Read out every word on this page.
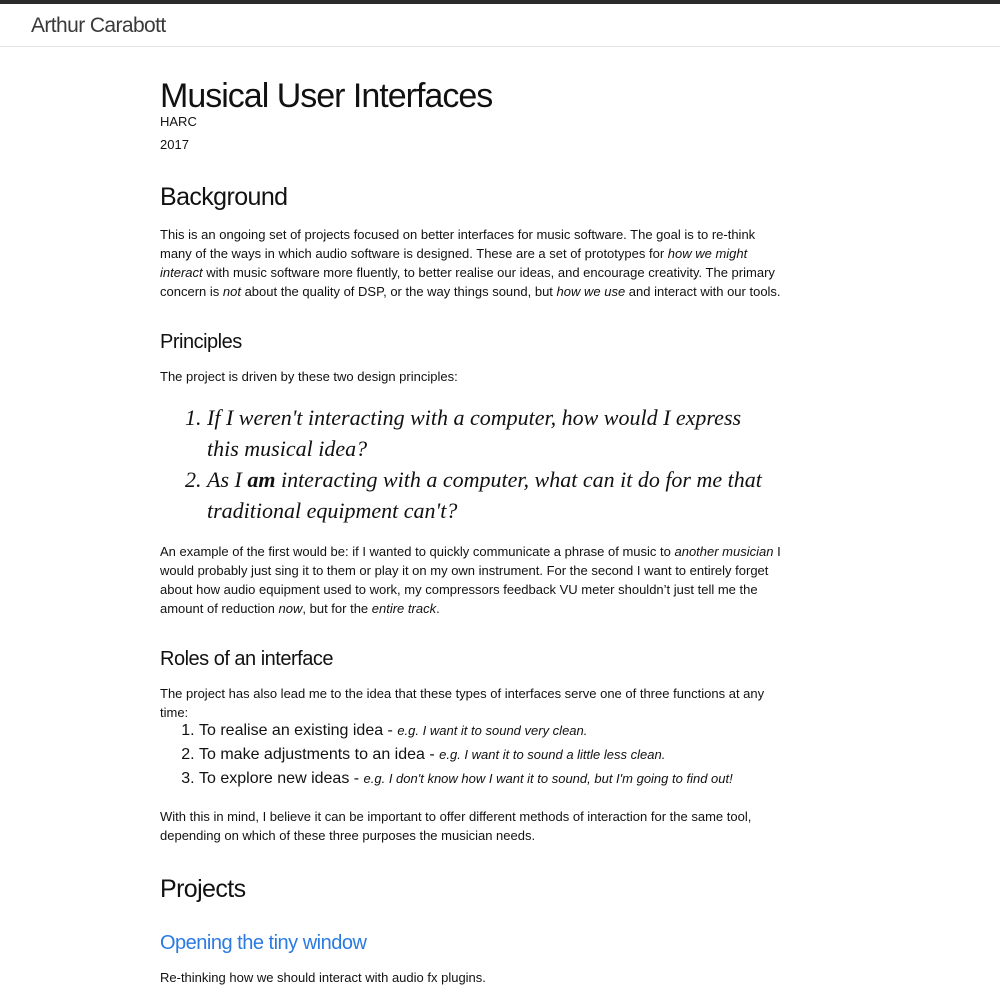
Arthur Carabott
Musical User Interfaces
HARC
2017
Background

This is an ongoing set of projects focused on better interfaces for music software. The goal is to re-think many of the ways in which audio software is designed. These are a set of prototypes for how we might interact with music software more fluently, to better realise our ideas, and encourage creativity. The primary concern is not about the quality of DSP, or the way things sound, but how we use and interact with our tools.

Principles

The project is driven by these two design principles:

1. If I weren't interacting with a computer, how would I express this musical idea?
2. As I am interacting with a computer, what can it do for me that traditional equipment can't?

An example of the first would be: if I wanted to quickly communicate a phrase of music to another musician I would probably just sing it to them or play it on my own instrument. For the second I want to entirely forget about how audio equipment used to work, my compressors feedback VU meter shouldn’t just tell me the amount of reduction now, but for the entire track.

Roles of an interface

The project has also lead me to the idea that these types of interfaces serve one of three functions at any time:

1. To realise an existing idea - e.g. I want it to sound very clean.
2. To make adjustments to an idea - e.g. I want it to sound a little less clean.
3. To explore new ideas - e.g. I don't know how I want it to sound, but I'm going to find out!

With this in mind, I believe it can be important to offer different methods of interaction for the same tool, depending on which of these three purposes the musician needs.

Projects
Opening the tiny window

Re-thinking how we should interact with audio fx plugins.
